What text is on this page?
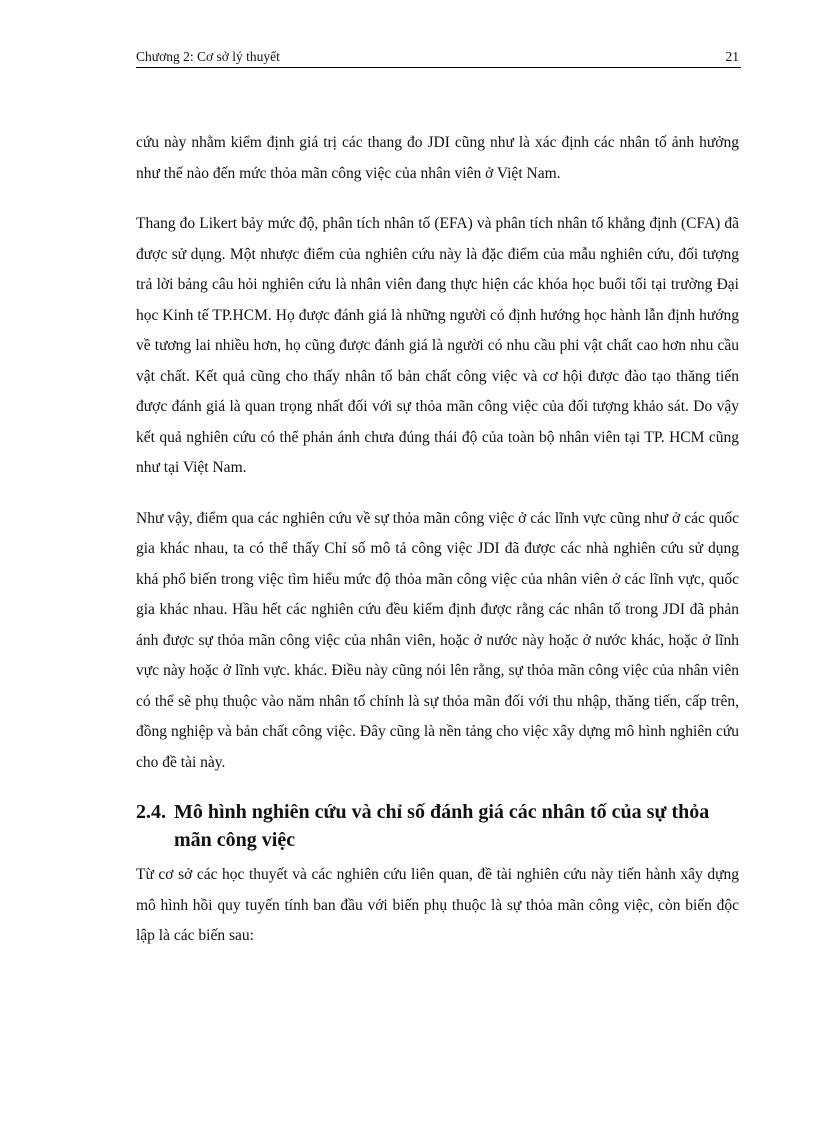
Chương 2: Cơ sở lý thuyết	21

cứu này nhằm kiểm định giá trị các thang đo JDI cũng như là xác định các nhân tố ảnh hưởng như thế nào đến mức thỏa mãn công việc của nhân viên ở Việt Nam.

Thang đo Likert bảy mức độ, phân tích nhân tố (EFA) và phân tích nhân tố khẳng định (CFA) đã được sử dụng. Một nhược điểm của nghiên cứu này là đặc điểm của mẫu nghiên cứu, đối tượng trả lời bảng câu hỏi nghiên cứu là nhân viên đang thực hiện các khóa học buổi tối tại trường Đại học Kinh tế TP.HCM. Họ được đánh giá là những người có định hướng học hành lẫn định hướng về tương lai nhiều hơn, họ cũng được đánh giá là người có nhu cầu phi vật chất cao hơn nhu cầu vật chất. Kết quả cũng cho thấy nhân tố bản chất công việc và cơ hội được đào tạo thăng tiến được đánh giá là quan trọng nhất đối với sự thỏa mãn công việc của đối tượng khảo sát. Do vậy kết quả nghiên cứu có thể phản ánh chưa đúng thái độ của toàn bộ nhân viên tại TP. HCM cũng như tại Việt Nam.

Như vậy, điểm qua các nghiên cứu về sự thỏa mãn công việc ở các lĩnh vực cũng như ở các quốc gia khác nhau, ta có thể thấy Chỉ số mô tả công việc JDI đã được các nhà nghiên cứu sử dụng khá phổ biến trong việc tìm hiểu mức độ thỏa mãn công việc của nhân viên ở các lĩnh vực, quốc gia khác nhau. Hầu hết các nghiên cứu đều kiểm định được rằng các nhân tố trong JDI đã phản ánh được sự thỏa mãn công việc của nhân viên, hoặc ở nước này hoặc ở nước khác, hoặc ở lĩnh vực này hoặc ở lĩnh vực. khác. Điều này cũng nói lên rằng, sự thỏa mãn công việc của nhân viên có thể sẽ phụ thuộc vào năm nhân tố chính là sự thỏa mãn đối với thu nhập, thăng tiến, cấp trên, đồng nghiệp và bản chất công việc. Đây cũng là nền tảng cho việc xây dựng mô hình nghiên cứu cho đề tài này.

2.4. Mô hình nghiên cứu và chỉ số đánh giá các nhân tố của sự thỏa mãn công việc

Từ cơ sở các học thuyết và các nghiên cứu liên quan, đề tài nghiên cứu này tiến hành xây dựng mô hình hồi quy tuyến tính ban đầu với biến phụ thuộc là sự thỏa mãn công việc, còn biến độc lập là các biến sau:
